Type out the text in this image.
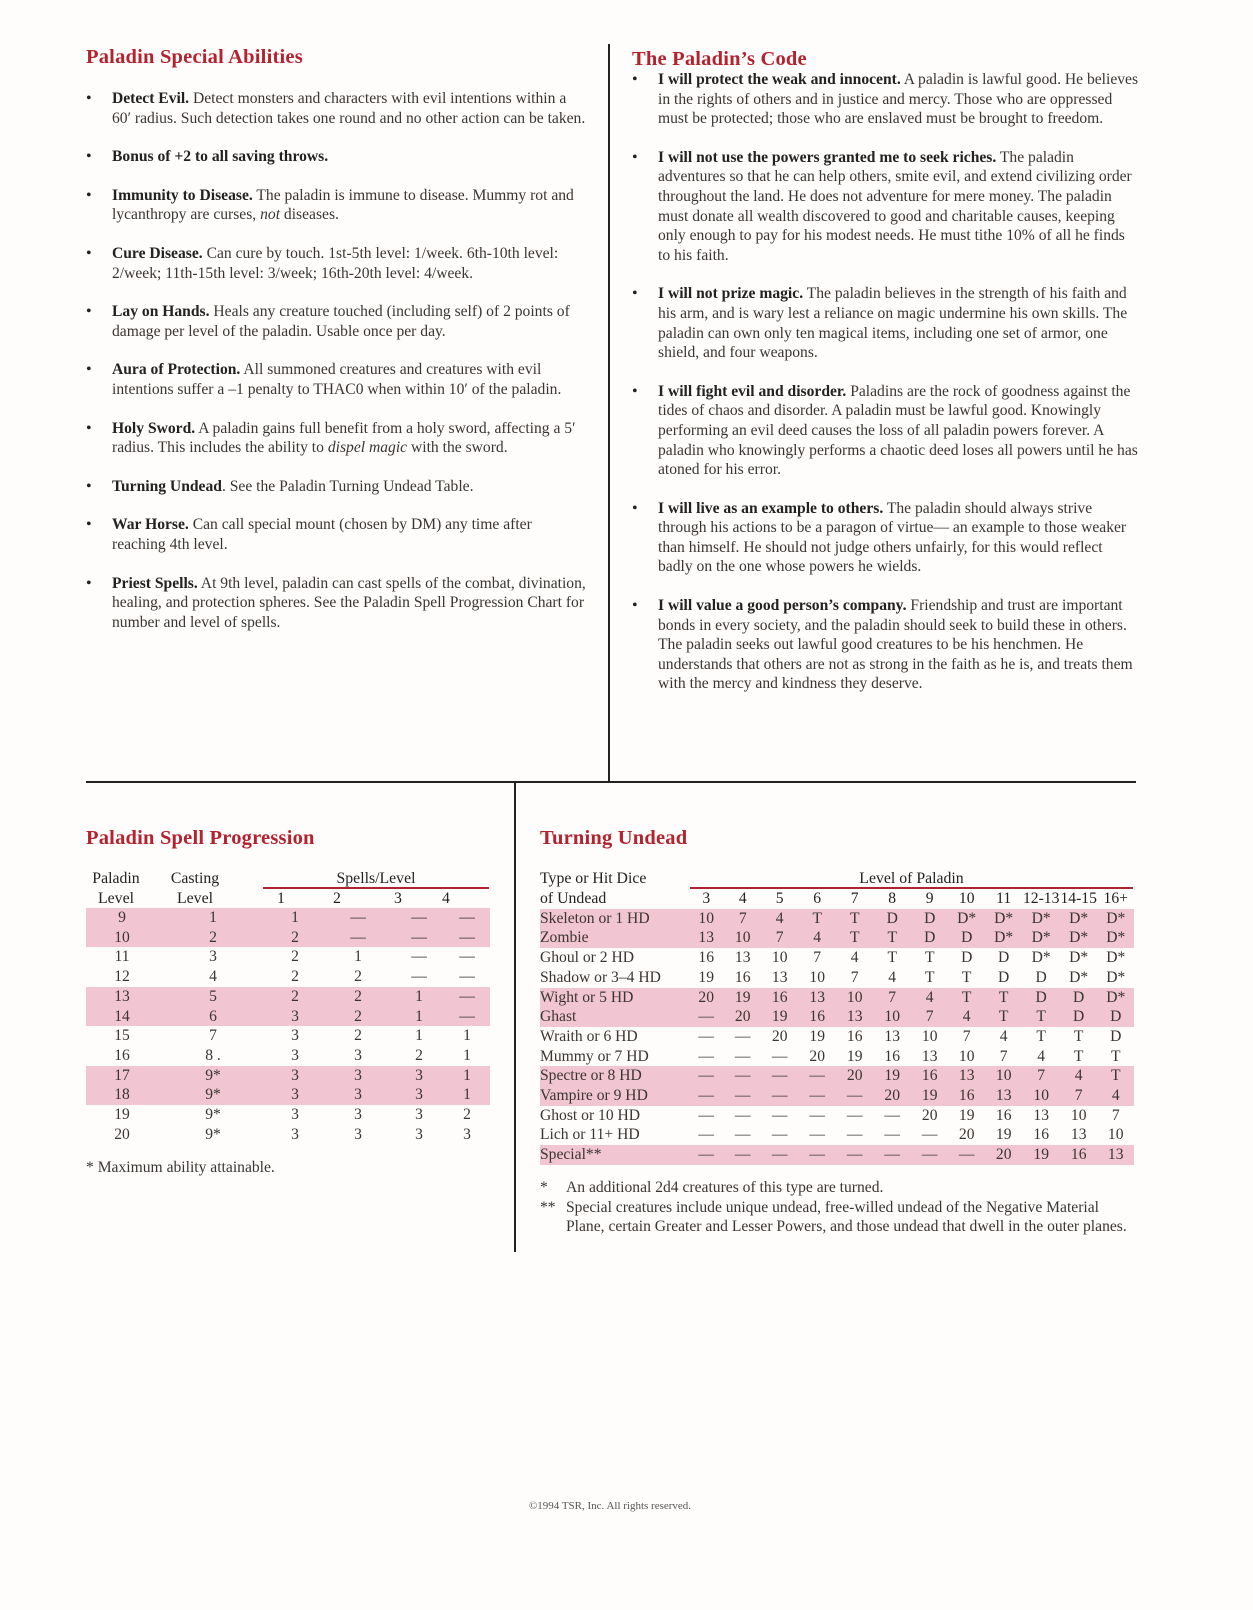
Paladin Special Abilities
• Detect Evil. Detect monsters and characters with evil intentions within a 60′ radius. Such detection takes one round and no other action can be taken.
• Bonus of +2 to all saving throws.
• Immunity to Disease. The paladin is immune to disease. Mummy rot and lycanthropy are curses, not diseases.
• Cure Disease. Can cure by touch. 1st-5th level: 1/week. 6th-10th level: 2/week; 11th-15th level: 3/week; 16th-20th level: 4/week.
• Lay on Hands. Heals any creature touched (including self) of 2 points of damage per level of the paladin. Usable once per day.
• Aura of Protection. All summoned creatures and creatures with evil intentions suffer a –1 penalty to THAC0 when within 10′ of the paladin.
• Holy Sword. A paladin gains full benefit from a holy sword, affecting a 5′ radius. This includes the ability to dispel magic with the sword.
• Turning Undead. See the Paladin Turning Undead Table.
• War Horse. Can call special mount (chosen by DM) any time after reaching 4th level.
• Priest Spells. At 9th level, paladin can cast spells of the combat, divination, healing, and protection spheres. See the Paladin Spell Progression Chart for number and level of spells.
The Paladin’s Code
• I will protect the weak and innocent. A paladin is lawful good. He believes in the rights of others and in justice and mercy. Those who are oppressed must be protected; those who are enslaved must be brought to freedom.
• I will not use the powers granted me to seek riches. The paladin adventures so that he can help others, smite evil, and extend civilizing order throughout the land. He does not adventure for mere money. The paladin must donate all wealth discovered to good and charitable causes, keeping only enough to pay for his modest needs. He must tithe 10% of all he finds to his faith.
• I will not prize magic. The paladin believes in the strength of his faith and his arm, and is wary lest a reliance on magic undermine his own skills. The paladin can own only ten magical items, including one set of armor, one shield, and four weapons.
• I will fight evil and disorder. Paladins are the rock of goodness against the tides of chaos and disorder. A paladin must be lawful good. Knowingly performing an evil deed causes the loss of all paladin powers forever. A paladin who knowingly performs a chaotic deed loses all powers until he has atoned for his error.
• I will live as an example to others. The paladin should always strive through his actions to be a paragon of virtue— an example to those weaker than himself. He should not judge others unfairly, for this would reflect badly on the one whose powers he wields.
• I will value a good person’s company. Friendship and trust are important bonds in every society, and the paladin should seek to build these in others. The paladin seeks out lawful good creatures to be his henchmen. He understands that others are not as strong in the faith as he is, and treats them with the mercy and kindness they deserve.
Paladin Spell Progression
Paladin
Level
Casting
Level
Spells/Level
1	2	3	4
9	1	1	—	—	—
10	2	2	—	—	—
11	3	2	1	—	—
12	4	2	2	—	—
13	5	2	2	1	—
14	6	3	2	1	—
15	7	3	2	1	1
16	8 .	3	3	2	1
17	9*	3	3	3	1
18	9*	3	3	3	1
19	9*	3	3	3	2
20	9*	3	3	3	3
* Maximum ability attainable.
Turning Undead
Type or Hit Dice
of Undead
Level of Paladin
	3	4	5	6	7	8	9	10	11	12-13	14-15	16+
Skeleton or 1 HD	10	7	4	T	T	D	D	D*	D*	D*	D*	D*
Zombie	13	10	7	4	T	T	D	D	D*	D*	D*	D*
Ghoul or 2 HD	16	13	10	7	4	T	T	D	D	D*	D*	D*
Shadow or 3–4 HD	19	16	13	10	7	4	T	T	D	D	D*	D*
Wight or 5 HD	20	19	16	13	10	7	4	T	T	D	D	D*
Ghast	—	20	19	16	13	10	7	4	T	T	D	D
Wraith or 6 HD	—	—	20	19	16	13	10	7	4	T	T	D
Mummy or 7 HD	—	—	—	20	19	16	13	10	7	4	T	T
Spectre or 8 HD	—	—	—	—	20	19	16	13	10	7	4	T
Vampire or 9 HD	—	—	—	—	—	20	19	16	13	10	7	4
Ghost or 10 HD	—	—	—	—	—	—	20	19	16	13	10	7
Lich or 11+ HD	—	—	—	—	—	—	—	20	19	16	13	10
Special**	—	—	—	—	—	—	—	—	20	19	16	13
* An additional 2d4 creatures of this type are turned.
** Special creatures include unique undead, free-willed undead of the Negative Material Plane, certain Greater and Lesser Powers, and those undead that dwell in the outer planes.
©1994 TSR, Inc. All rights reserved.
